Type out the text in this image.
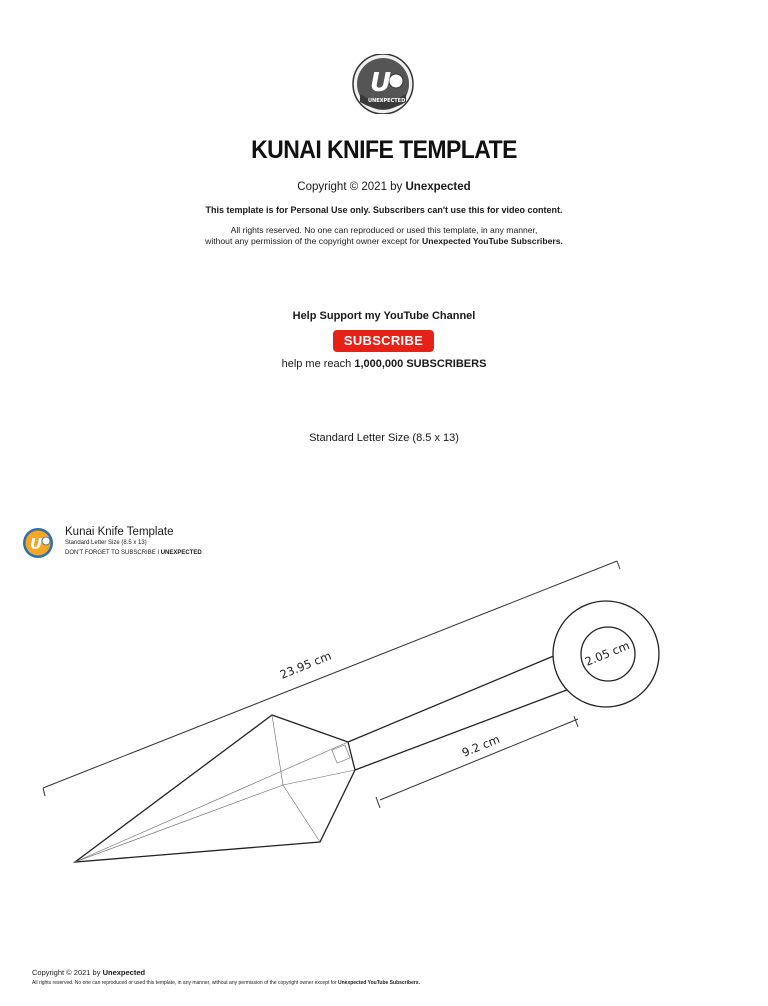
U
UNEXPECTED
KUNAI KNIFE TEMPLATE
Copyright © 2021 by Unexpected
This template is for Personal Use only. Subscribers can't use this for video content.
All rights reserved. No one can reproduced or used this template, in any manner,
without any permission of the copyright owner except for Unexpected YouTube Subscribers.
Help Support my YouTube Channel
SUBSCRIBE
help me reach 1,000,000 SUBSCRIBERS
Standard Letter Size (8.5 x 13)
U
Kunai Knife Template
Standard Letter Size (8.5 x 13)
DON'T FORGET TO SUBSCRIBE I UNEXPECTED
23.95 cm
9.2 cm
2.05 cm
Copyright © 2021 by Unexpected
All rights reserved. No one can reproduced or used this template, in any manner, without any permission of the copyright owner except for Unexpected YouTube Subscribers.
